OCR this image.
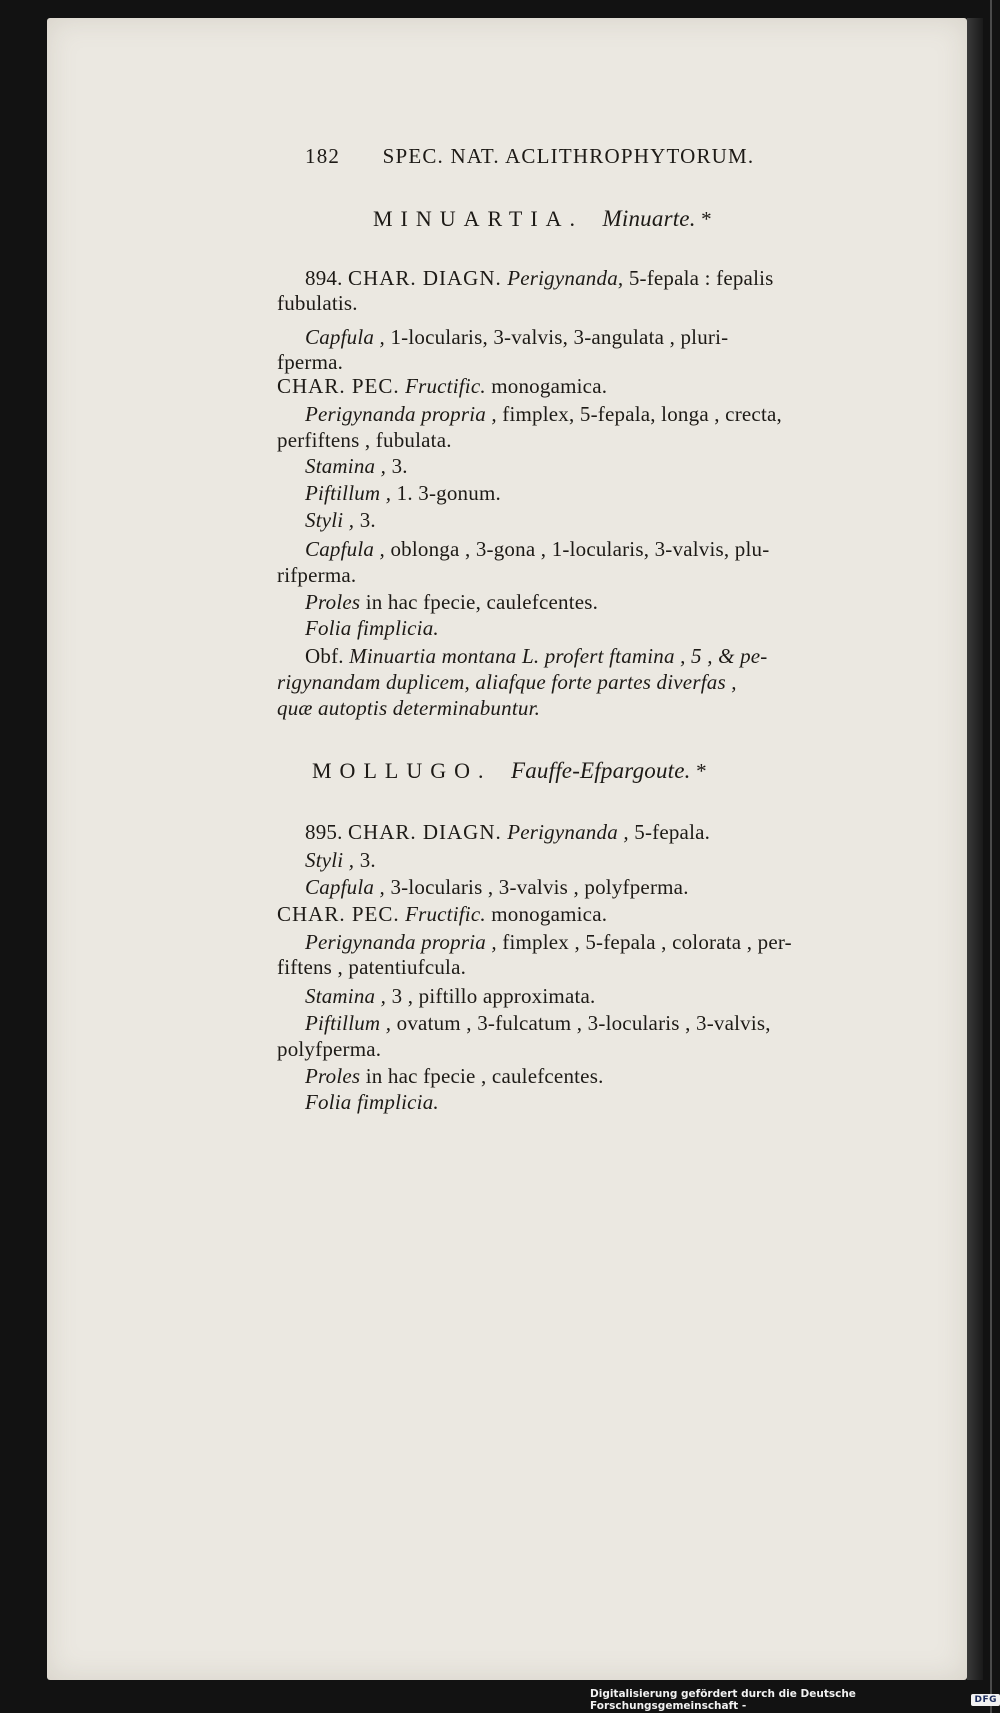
182 SPEC. NAT. ACLITHROPHYTORUM.
MINUARTIA. Minuarte. *
894. CHAR. DIAGN. Perigynanda, 5-fepala : fepalis
fubulatis.
Capfula , 1-locularis, 3-valvis, 3-angulata , pluri-
fperma.
CHAR. PEC. Fructific. monogamica.
Perigynanda propria , fimplex, 5-fepala, longa , crecta,
perfiftens , fubulata.
Stamina , 3.
Piftillum , 1. 3-gonum.
Styli , 3.
Capfula , oblonga , 3-gona , 1-locularis, 3-valvis, plu-
rifperma.
Proles in hac fpecie, caulefcentes.
Folia fimplicia.
Obf. Minuartia montana L. profert ftamina , 5 , & pe-
rigynandam duplicem, aliafque forte partes diverfas ,
quæ autoptis determinabuntur.
MOLLUGO. Fauffe-Efpargoute. *
895. CHAR. DIAGN. Perigynanda , 5-fepala.
Styli , 3.
Capfula , 3-locularis , 3-valvis , polyfperma.
CHAR. PEC. Fructific. monogamica.
Perigynanda propria , fimplex , 5-fepala , colorata , per-
fiftens , patentiufcula.
Stamina , 3 , piftillo approximata.
Piftillum , ovatum , 3-fulcatum , 3-locularis , 3-valvis,
polyfperma.
Proles in hac fpecie , caulefcentes.
Folia fimplicia.
Digitalisierung gefördert durch die Deutsche Forschungsgemeinschaft -	DFG
